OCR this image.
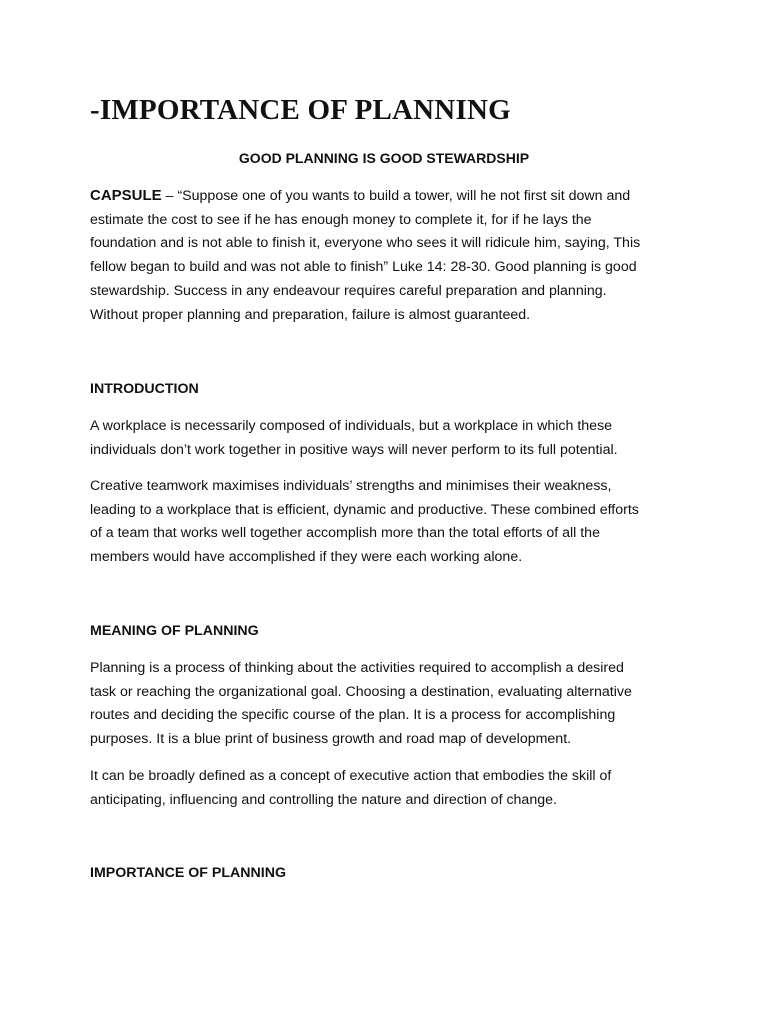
-IMPORTANCE OF PLANNING
GOOD PLANNING IS GOOD STEWARDSHIP
CAPSULE – “Suppose one of you wants to build a tower, will he not first sit down and
estimate the cost to see if he has enough money to complete it, for if he lays the
foundation and is not able to finish it, everyone who sees it will ridicule him, saying, This
fellow began to build and was not able to finish” Luke 14: 28-30. Good planning is good
stewardship. Success in any endeavour requires careful preparation and planning.
Without proper planning and preparation, failure is almost guaranteed.
INTRODUCTION
A workplace is necessarily composed of individuals, but a workplace in which these
individuals don’t work together in positive ways will never perform to its full potential.
Creative teamwork maximises individuals’ strengths and minimises their weakness,
leading to a workplace that is efficient, dynamic and productive. These combined efforts
of a team that works well together accomplish more than the total efforts of all the
members would have accomplished if they were each working alone.
MEANING OF PLANNING
Planning is a process of thinking about the activities required to accomplish a desired
task or reaching the organizational goal. Choosing a destination, evaluating alternative
routes and deciding the specific course of the plan. It is a process for accomplishing
purposes. It is a blue print of business growth and road map of development.
It can be broadly defined as a concept of executive action that embodies the skill of
anticipating, influencing and controlling the nature and direction of change.
IMPORTANCE OF PLANNING
